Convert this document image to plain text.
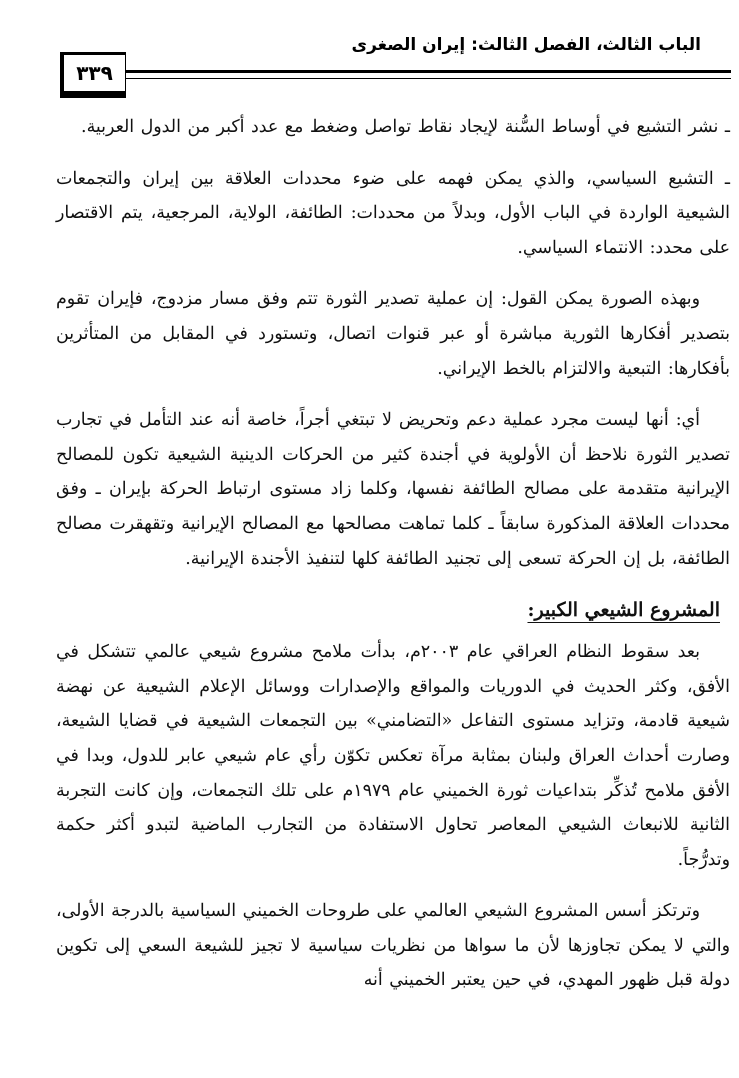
الباب الثالث، الفصل الثالث: إيران الصغرى
٣٣٩

ـ نشر التشيع في أوساط السُّنة لإيجاد نقاط تواصل وضغط مع عدد أكبر من الدول العربية.

ـ التشيع السياسي، والذي يمكن فهمه على ضوء محددات العلاقة بين إيران والتجمعات الشيعية الواردة في الباب الأول، وبدلاً من محددات: الطائفة، الولاية، المرجعية، يتم الاقتصار على محدد: الانتماء السياسي.

وبهذه الصورة يمكن القول: إن عملية تصدير الثورة تتم وفق مسار مزدوج، فإيران تقوم بتصدير أفكارها الثورية مباشرة أو عبر قنوات اتصال، وتستورد في المقابل من المتأثرين بأفكارها: التبعية والالتزام بالخط الإيراني.

أي: أنها ليست مجرد عملية دعم وتحريض لا تبتغي أجراً، خاصة أنه عند التأمل في تجارب تصدير الثورة نلاحظ أن الأولوية في أجندة كثير من الحركات الدينية الشيعية تكون للمصالح الإيرانية متقدمة على مصالح الطائفة نفسها، وكلما زاد مستوى ارتباط الحركة بإيران ـ وفق محددات العلاقة المذكورة سابقاً ـ كلما تماهت مصالحها مع المصالح الإيرانية وتقهقرت مصالح الطائفة، بل إن الحركة تسعى إلى تجنيد الطائفة كلها لتنفيذ الأجندة الإيرانية.

المشروع الشيعي الكبير:

بعد سقوط النظام العراقي عام ٢٠٠٣م، بدأت ملامح مشروع شيعي عالمي تتشكل في الأفق، وكثر الحديث في الدوريات والمواقع والإصدارات ووسائل الإعلام الشيعية عن نهضة شيعية قادمة، وتزايد مستوى التفاعل «التضامني» بين التجمعات الشيعية في قضايا الشيعة، وصارت أحداث العراق ولبنان بمثابة مرآة تعكس تكوّن رأي عام شيعي عابر للدول، وبدا في الأفق ملامح تُذكِّر بتداعيات ثورة الخميني عام ١٩٧٩م على تلك التجمعات، وإن كانت التجربة الثانية للانبعاث الشيعي المعاصر تحاول الاستفادة من التجارب الماضية لتبدو أكثر حكمة وتدرُّجاً.

وترتكز أسس المشروع الشيعي العالمي على طروحات الخميني السياسية بالدرجة الأولى، والتي لا يمكن تجاوزها لأن ما سواها من نظريات سياسية لا تجيز للشيعة السعي إلى تكوين دولة قبل ظهور المهدي، في حين يعتبر الخميني أنه
